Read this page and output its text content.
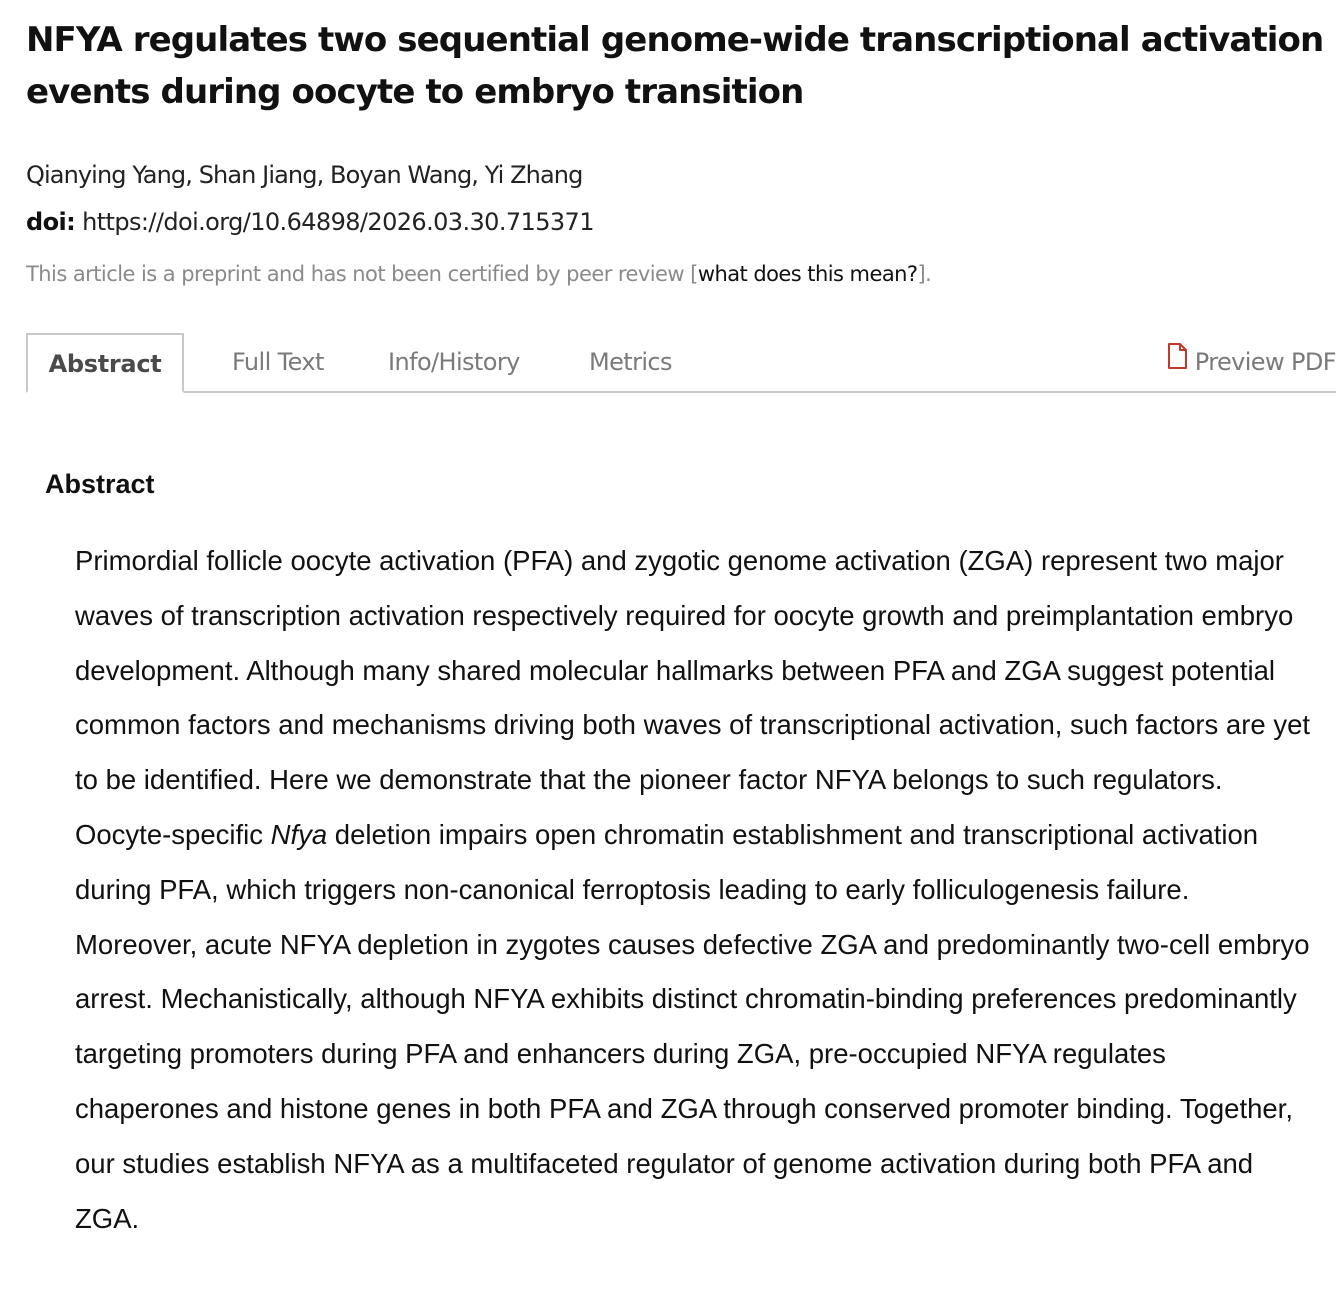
NFYA regulates two sequential genome-wide transcriptional activation events during oocyte to embryo transition
Qianying Yang, Shan Jiang, Boyan Wang, Yi Zhang
doi: https://doi.org/10.64898/2026.03.30.715371
This article is a preprint and has not been certified by peer review [what does this mean?].
Abstract	Full Text	Info/History	Metrics	Preview PDF
Abstract

Primordial follicle oocyte activation (PFA) and zygotic genome activation (ZGA) represent two major waves of transcription activation respectively required for oocyte growth and preimplantation embryo development. Although many shared molecular hallmarks between PFA and ZGA suggest potential common factors and mechanisms driving both waves of transcriptional activation, such factors are yet to be identified. Here we demonstrate that the pioneer factor NFYA belongs to such regulators. Oocyte-specific Nfya deletion impairs open chromatin establishment and transcriptional activation during PFA, which triggers non-canonical ferroptosis leading to early folliculogenesis failure. Moreover, acute NFYA depletion in zygotes causes defective ZGA and predominantly two-cell embryo arrest. Mechanistically, although NFYA exhibits distinct chromatin-binding preferences predominantly targeting promoters during PFA and enhancers during ZGA, pre-occupied NFYA regulates chaperones and histone genes in both PFA and ZGA through conserved promoter binding. Together, our studies establish NFYA as a multifaceted regulator of genome activation during both PFA and ZGA.
